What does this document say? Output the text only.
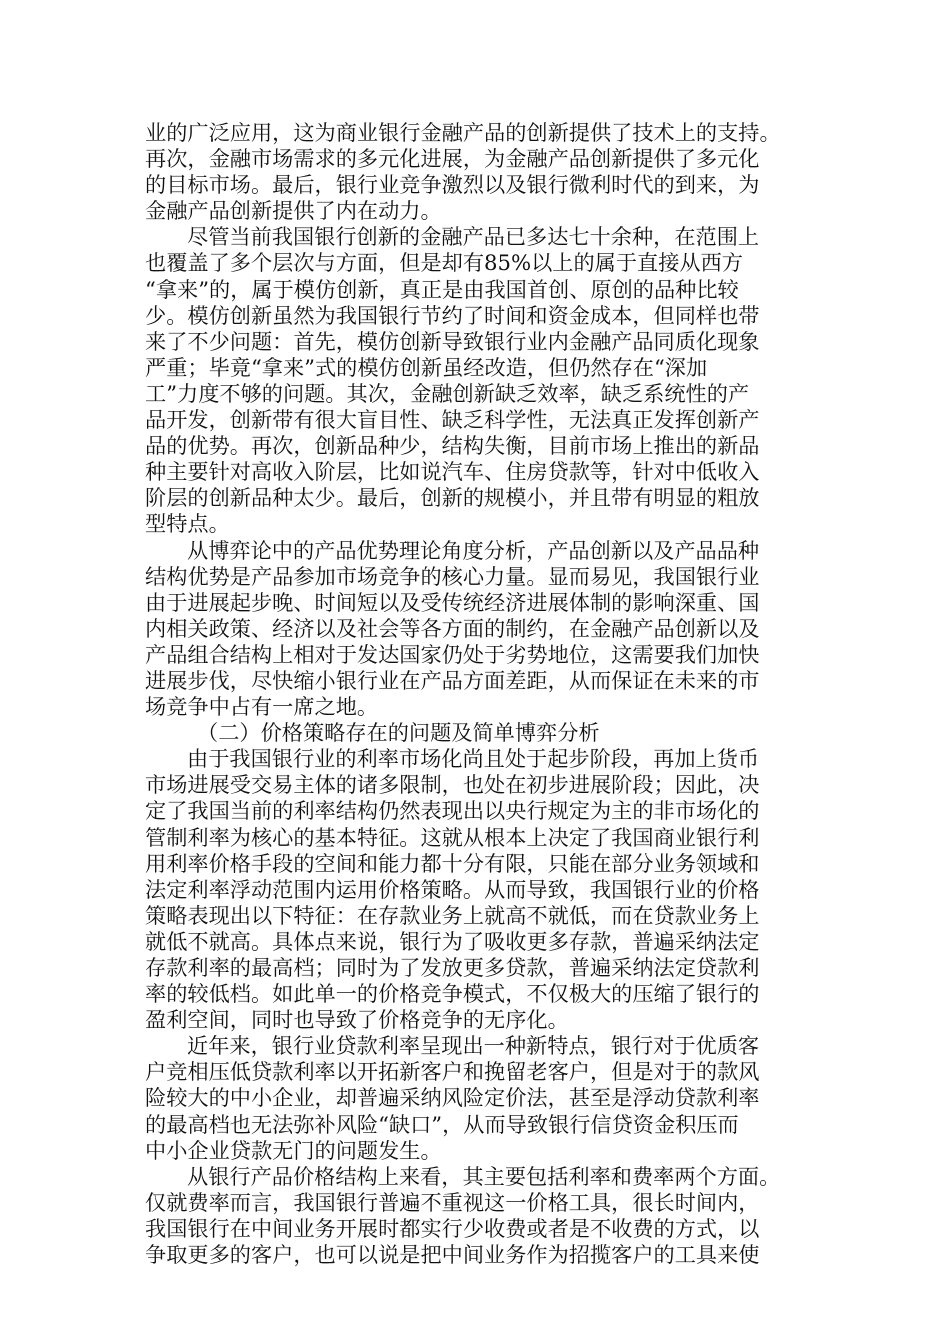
业的广泛应用，这为商业银行金融产品的创新提供了技术上的支持。
再次，金融市场需求的多元化进展，为金融产品创新提供了多元化
的目标市场。最后，银行业竞争激烈以及银行微利时代的到来，为
金融产品创新提供了内在动力。
尽管当前我国银行创新的金融产品已多达七十余种，在范围上
也覆盖了多个层次与方面，但是却有85%以上的属于直接从西方
“拿来”的，属于模仿创新，真正是由我国首创、原创的品种比较
少。模仿创新虽然为我国银行节约了时间和资金成本，但同样也带
来了不少问题：首先，模仿创新导致银行业内金融产品同质化现象
严重；毕竟“拿来”式的模仿创新虽经改造，但仍然存在“深加
工”力度不够的问题。其次，金融创新缺乏效率，缺乏系统性的产
品开发，创新带有很大盲目性、缺乏科学性，无法真正发挥创新产
品的优势。再次，创新品种少，结构失衡，目前市场上推出的新品
种主要针对高收入阶层，比如说汽车、住房贷款等，针对中低收入
阶层的创新品种太少。最后，创新的规模小，并且带有明显的粗放
型特点。
从博弈论中的产品优势理论角度分析，产品创新以及产品品种
结构优势是产品参加市场竞争的核心力量。显而易见，我国银行业
由于进展起步晚、时间短以及受传统经济进展体制的影响深重、国
内相关政策、经济以及社会等各方面的制约，在金融产品创新以及
产品组合结构上相对于发达国家仍处于劣势地位，这需要我们加快
进展步伐，尽快缩小银行业在产品方面差距，从而保证在未来的市
场竞争中占有一席之地。
（二）价格策略存在的问题及简单博弈分析
由于我国银行业的利率市场化尚且处于起步阶段，再加上货币
市场进展受交易主体的诸多限制，也处在初步进展阶段；因此，决
定了我国当前的利率结构仍然表现出以央行规定为主的非市场化的
管制利率为核心的基本特征。这就从根本上决定了我国商业银行利
用利率价格手段的空间和能力都十分有限，只能在部分业务领域和
法定利率浮动范围内运用价格策略。从而导致，我国银行业的价格
策略表现出以下特征：在存款业务上就高不就低，而在贷款业务上
就低不就高。具体点来说，银行为了吸收更多存款，普遍采纳法定
存款利率的最高档；同时为了发放更多贷款，普遍采纳法定贷款利
率的较低档。如此单一的价格竞争模式，不仅极大的压缩了银行的
盈利空间，同时也导致了价格竞争的无序化。
近年来，银行业贷款利率呈现出一种新特点，银行对于优质客
户竞相压低贷款利率以开拓新客户和挽留老客户，但是对于的款风
险较大的中小企业，却普遍采纳风险定价法，甚至是浮动贷款利率
的最高档也无法弥补风险“缺口”，从而导致银行信贷资金积压而
中小企业贷款无门的问题发生。
从银行产品价格结构上来看，其主要包括利率和费率两个方面。
仅就费率而言，我国银行普遍不重视这一价格工具，很长时间内，
我国银行在中间业务开展时都实行少收费或者是不收费的方式，以
争取更多的客户，也可以说是把中间业务作为招揽客户的工具来使
